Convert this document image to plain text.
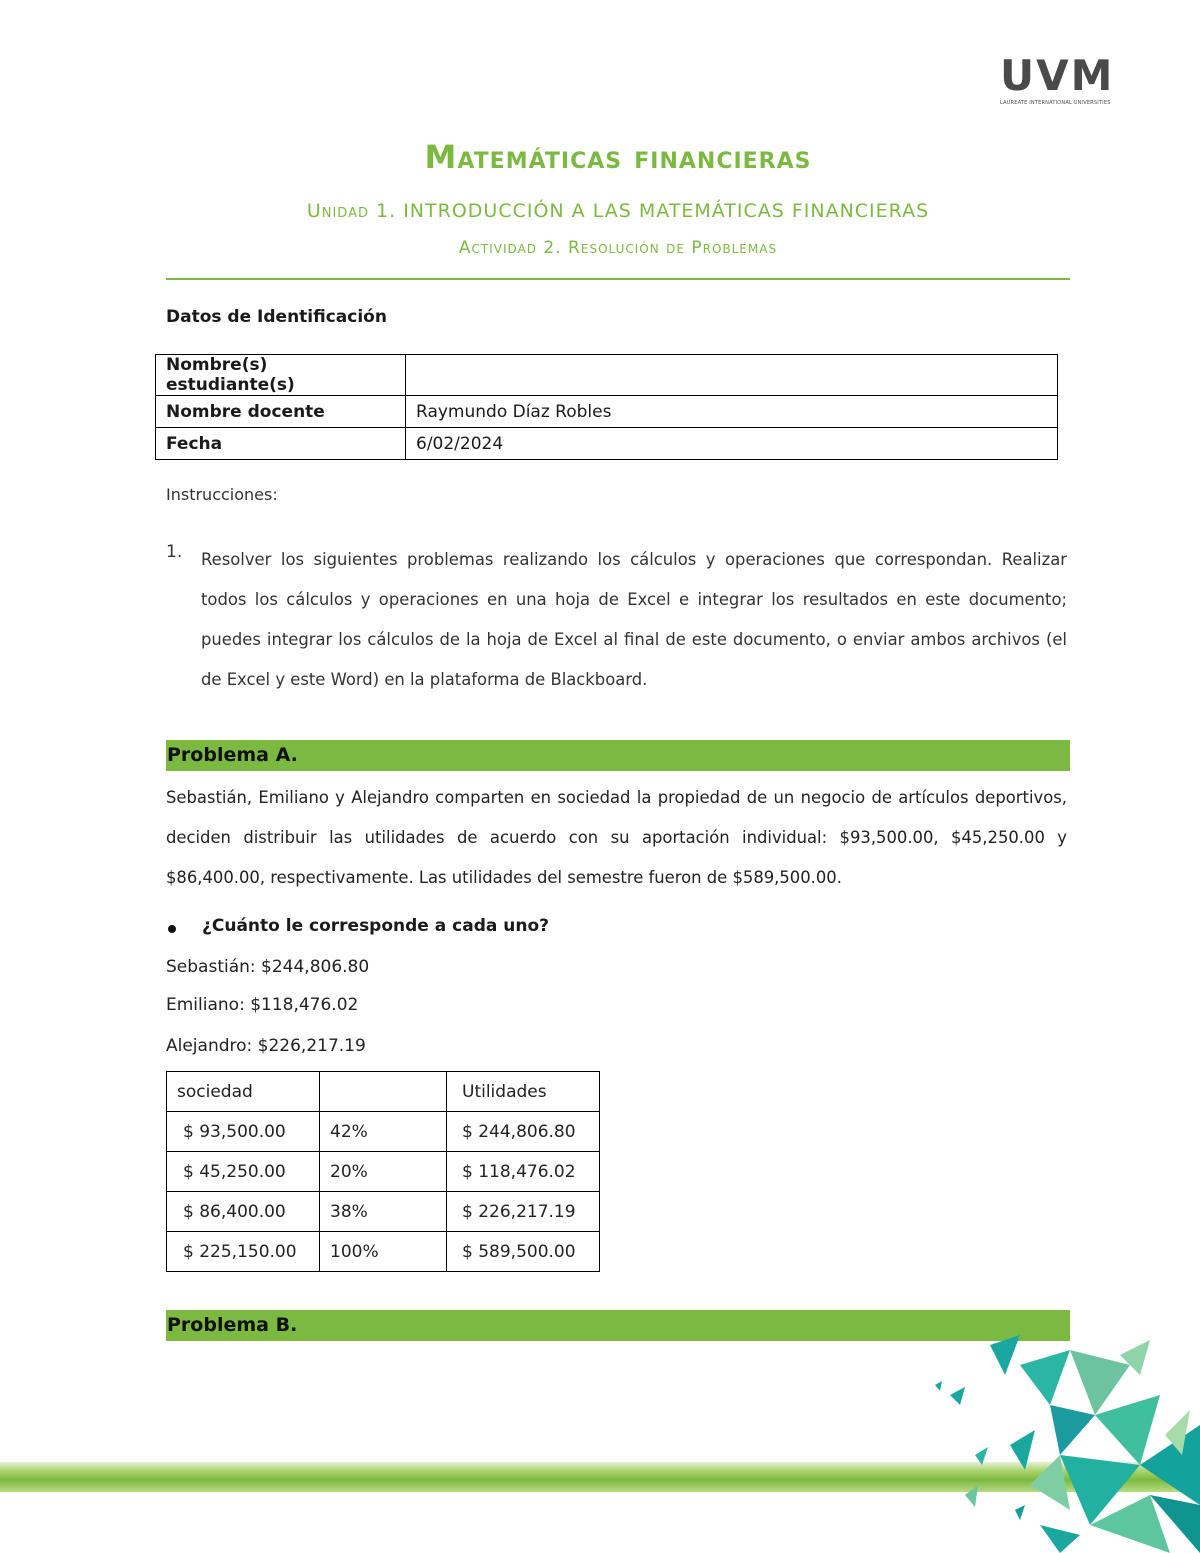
UVM
LAUREATE INTERNATIONAL UNIVERSITIES
Matemáticas financieras

Unidad 1. INTRODUCCIÓN A LAS MATEMÁTICAS FINANCIERAS

Actividad 2. Resolución de Problemas

Datos de Identificación

Nombre(s) estudiante(s)	
Nombre docente	Raymundo Díaz Robles
Fecha	6/02/2024

Instrucciones:

1. Resolver los siguientes problemas realizando los cálculos y operaciones que correspondan. Realizar todos los cálculos y operaciones en una hoja de Excel e integrar los resultados en este documento; puedes integrar los cálculos de la hoja de Excel al final de este documento, o enviar ambos archivos (el de Excel y este Word) en la plataforma de Blackboard.

Problema A.

Sebastián, Emiliano y Alejandro comparten en sociedad la propiedad de un negocio de artículos deportivos, deciden distribuir las utilidades de acuerdo con su aportación individual: $93,500.00, $45,250.00 y $86,400.00, respectivamente. Las utilidades del semestre fueron de $589,500.00.

¿Cuánto le corresponde a cada uno?

Sebastián: $244,806.80

Emiliano: $118,476.02

Alejandro: $226,217.19

sociedad		Utilidades
$ 93,500.00	42%	$ 244,806.80
$ 45,250.00	20%	$ 118,476.02
$ 86,400.00	38%	$ 226,217.19
$ 225,150.00	100%	$ 589,500.00
Problema B.
